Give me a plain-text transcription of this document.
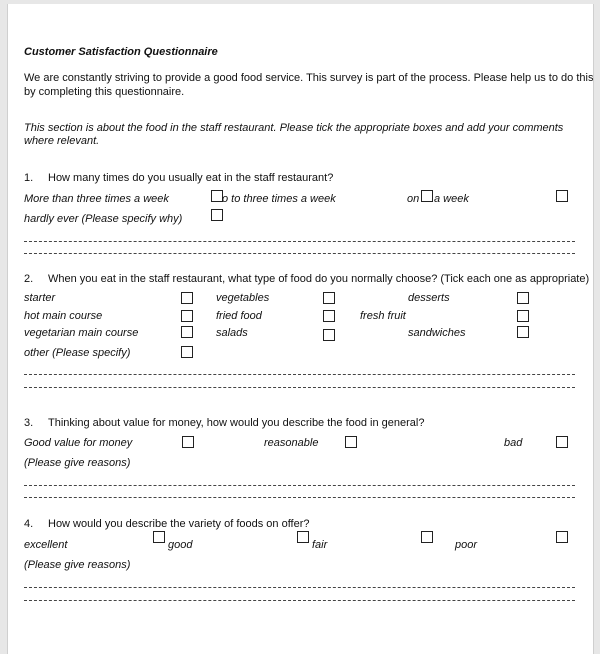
Customer Satisfaction Questionnaire
We are constantly striving to provide a good food service. This survey is part of the process. Please help us to do this
by completing this questionnaire.
This section is about the food in the staff restaurant. Please tick the appropriate boxes and add your comments
where relevant.
1. How many times do you usually eat in the staff restaurant?
More than three times a week	o to three times a week	on a week
hardly ever (Please specify why)
2. When you eat in the staff restaurant, what type of food do you normally choose? (Tick each one as appropriate)
starter	vegetables	desserts
hot main course	fried food	fresh fruit
vegetarian main course	salads	sandwiches
other (Please specify)
3. Thinking about value for money, how would you describe the food in general?
Good value for money	reasonable	bad
(Please give reasons)
4. How would you describe the variety of foods on offer?
excellent	good	fair	poor
(Please give reasons)
